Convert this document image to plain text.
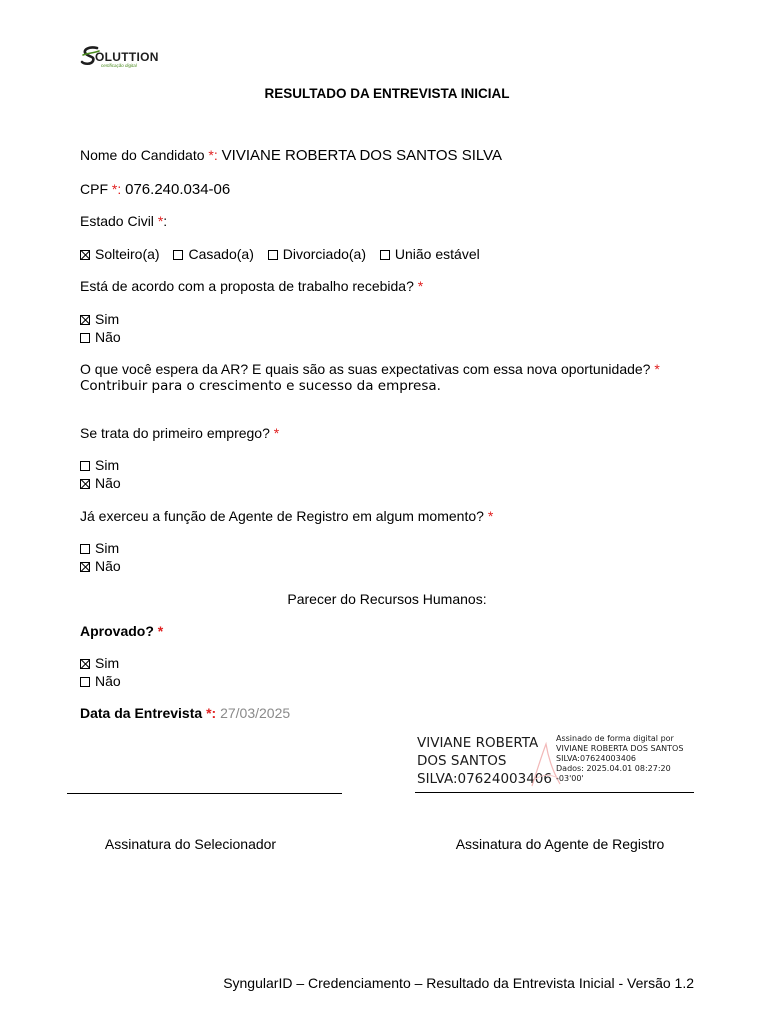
OLUTTION
certificação digital
RESULTADO DA ENTREVISTA INICIAL
Nome do Candidato *: VIVIANE ROBERTA DOS SANTOS SILVA
CPF *: 076.240.034-06
Estado Civil *:
Solteiro(a) Casado(a) Divorciado(a) União estável
Está de acordo com a proposta de trabalho recebida? *
Sim
Não
O que você espera da AR? E quais são as suas expectativas com essa nova oportunidade? *
Contribuir para o crescimento e sucesso da empresa.
Se trata do primeiro emprego? *
Sim
Não
Já exerceu a função de Agente de Registro em algum momento? *
Sim
Não
Parecer do Recursos Humanos:
Aprovado? *
Sim
Não
Data da Entrevista *: 27/03/2025
VIVIANE ROBERTA
DOS SANTOS
SILVA:07624003406
Assinado de forma digital por
VIVIANE ROBERTA DOS SANTOS
SILVA:07624003406
Dados: 2025.04.01 08:27:20
-03'00'
Assinatura do Selecionador	Assinatura do Agente de Registro
SyngularID – Credenciamento – Resultado da Entrevista Inicial - Versão 1.2
